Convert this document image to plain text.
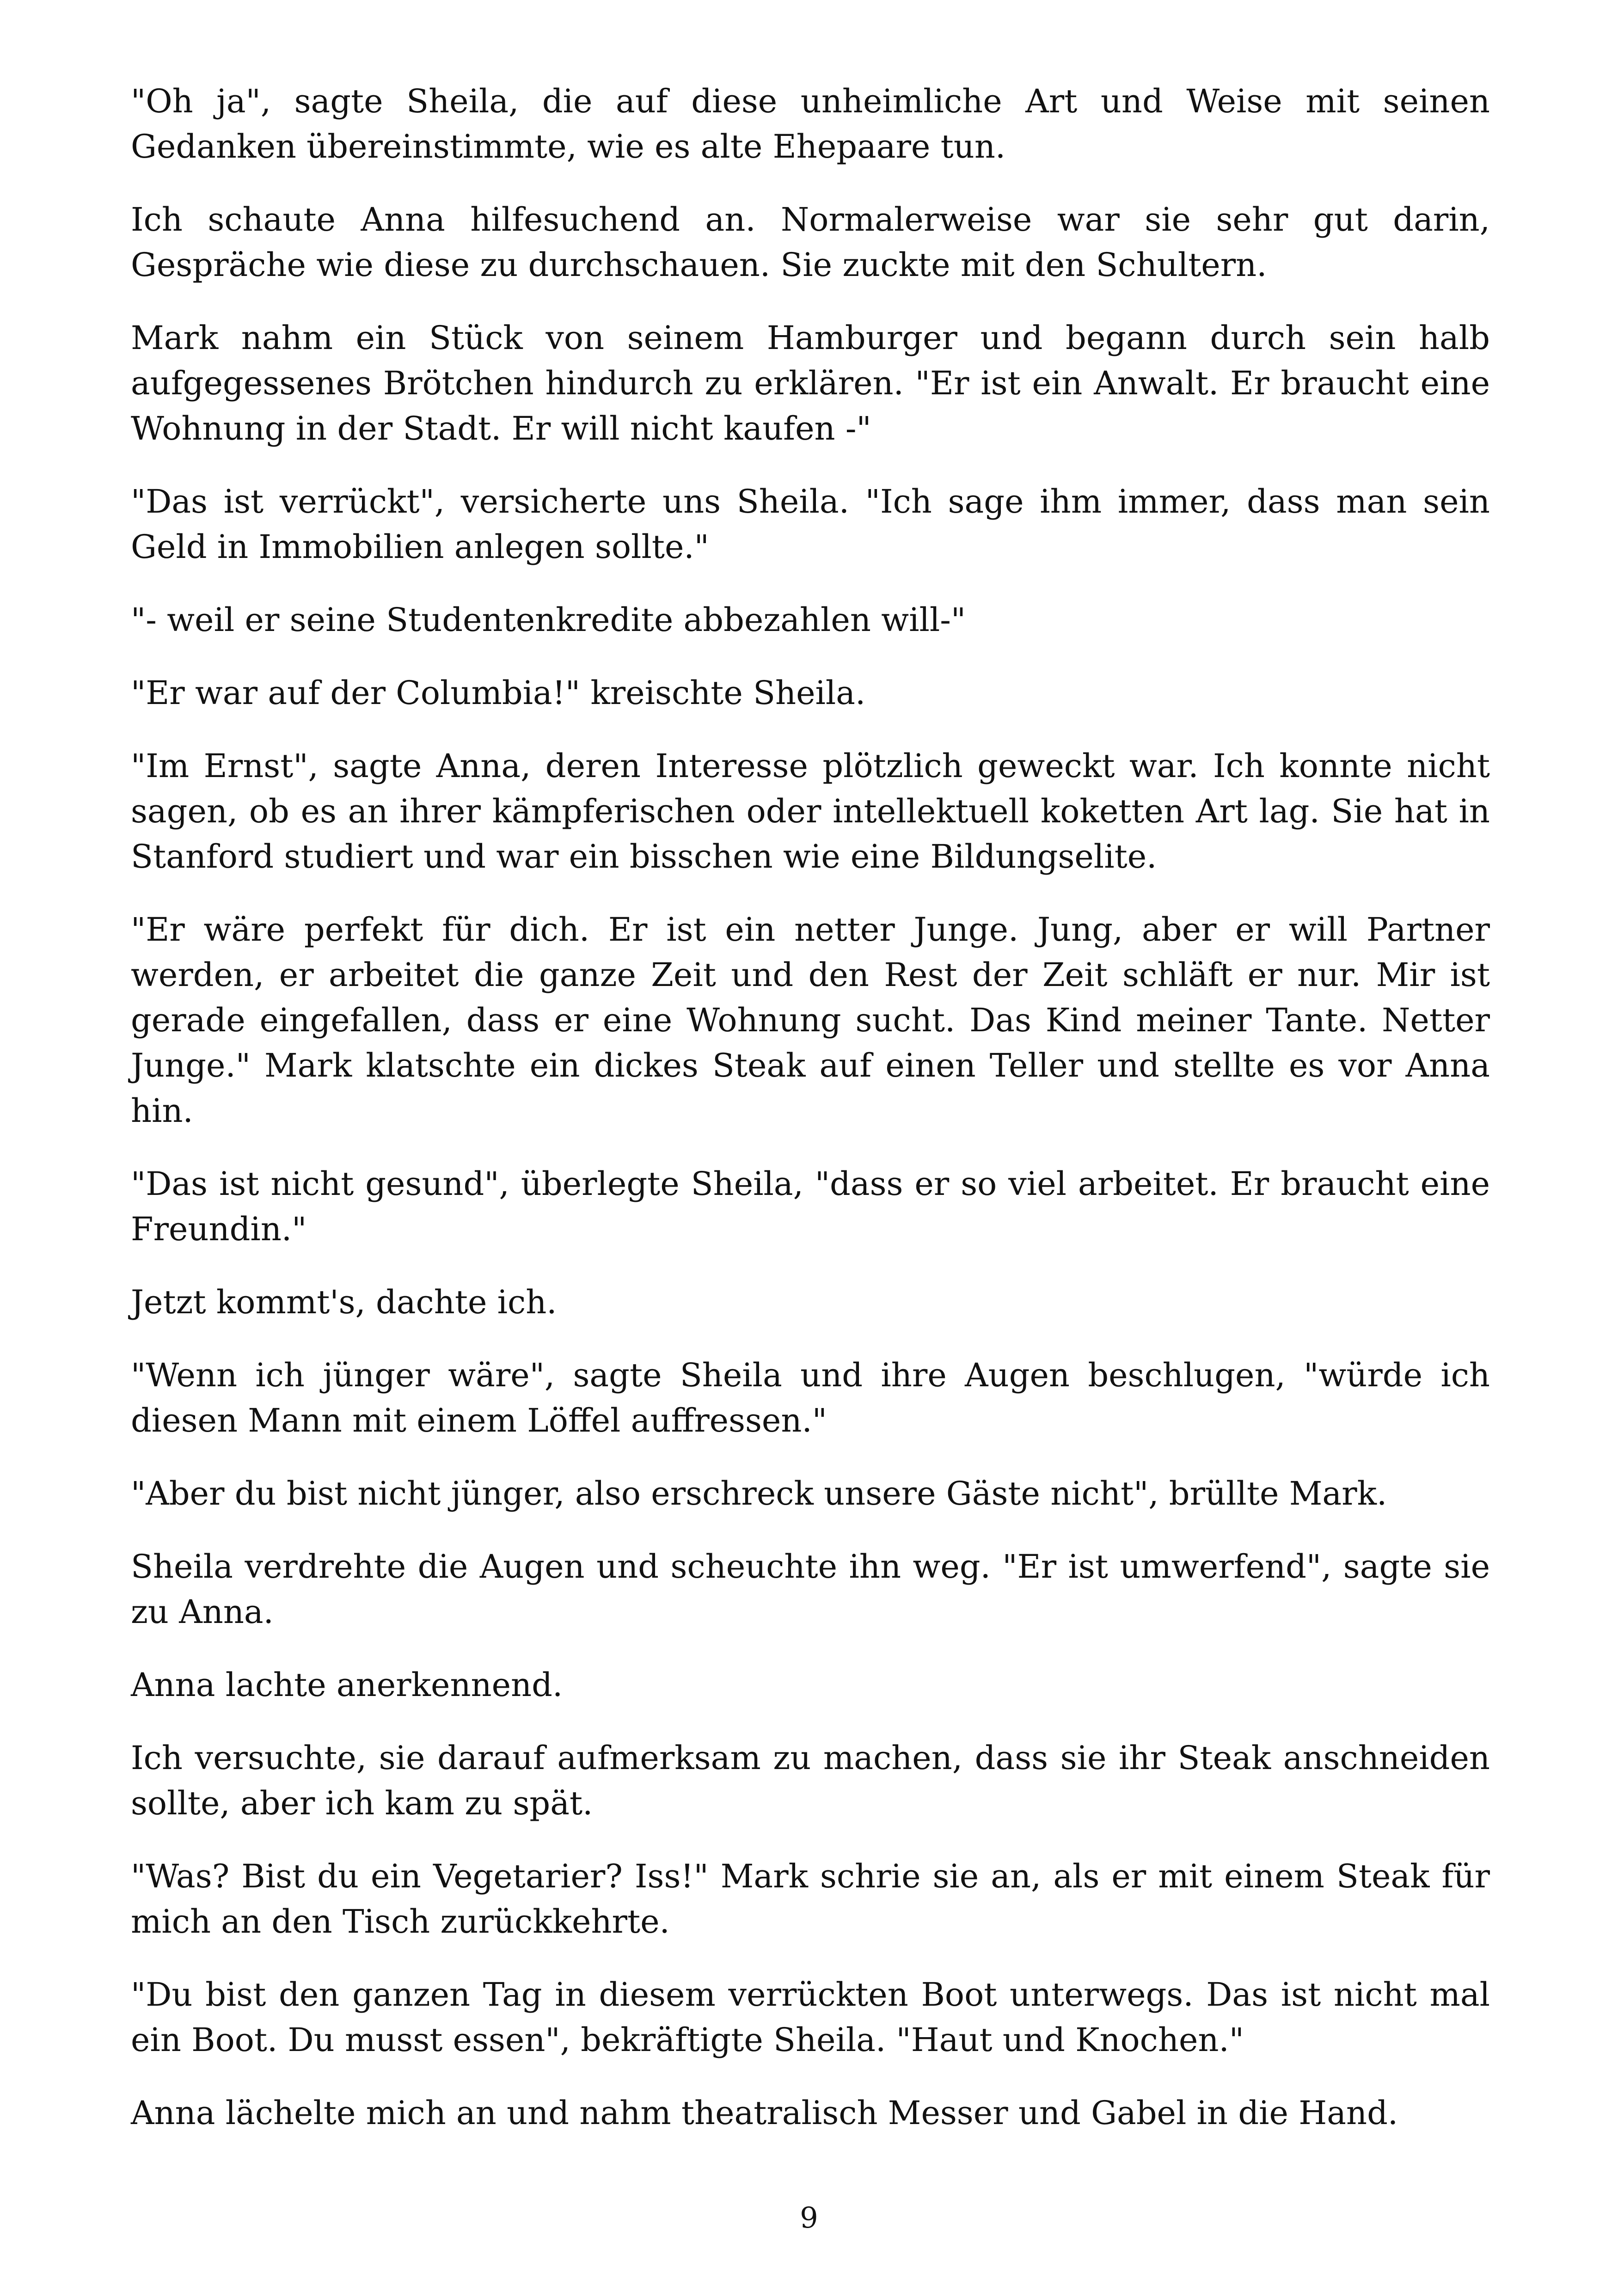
"Oh ja", sagte Sheila, die auf diese unheimliche Art und Weise mit seinen Gedanken übereinstimmte, wie es alte Ehepaare tun.

Ich schaute Anna hilfesuchend an. Normalerweise war sie sehr gut darin, Gespräche wie diese zu durchschauen. Sie zuckte mit den Schultern.

Mark nahm ein Stück von seinem Hamburger und begann durch sein halb aufgegessenes Brötchen hindurch zu erklären. "Er ist ein Anwalt. Er braucht eine Wohnung in der Stadt. Er will nicht kaufen -"

"Das ist verrückt", versicherte uns Sheila. "Ich sage ihm immer, dass man sein Geld in Immobilien anlegen sollte."

"- weil er seine Studentenkredite abbezahlen will-"

"Er war auf der Columbia!" kreischte Sheila.

"Im Ernst", sagte Anna, deren Interesse plötzlich geweckt war. Ich konnte nicht sagen, ob es an ihrer kämpferischen oder intellektuell koketten Art lag. Sie hat in Stanford studiert und war ein bisschen wie eine Bildungselite.

"Er wäre perfekt für dich. Er ist ein netter Junge. Jung, aber er will Partner werden, er arbeitet die ganze Zeit und den Rest der Zeit schläft er nur. Mir ist gerade eingefallen, dass er eine Wohnung sucht. Das Kind meiner Tante. Netter Junge." Mark klatschte ein dickes Steak auf einen Teller und stellte es vor Anna hin.

"Das ist nicht gesund", überlegte Sheila, "dass er so viel arbeitet. Er braucht eine Freundin."

Jetzt kommt's, dachte ich.

"Wenn ich jünger wäre", sagte Sheila und ihre Augen beschlugen, "würde ich diesen Mann mit einem Löffel auffressen."

"Aber du bist nicht jünger, also erschreck unsere Gäste nicht", brüllte Mark.

Sheila verdrehte die Augen und scheuchte ihn weg. "Er ist umwerfend", sagte sie zu Anna.

Anna lachte anerkennend.

Ich versuchte, sie darauf aufmerksam zu machen, dass sie ihr Steak anschneiden sollte, aber ich kam zu spät.

"Was? Bist du ein Vegetarier? Iss!" Mark schrie sie an, als er mit einem Steak für mich an den Tisch zurückkehrte.

"Du bist den ganzen Tag in diesem verrückten Boot unterwegs. Das ist nicht mal ein Boot. Du musst essen", bekräftigte Sheila. "Haut und Knochen."

Anna lächelte mich an und nahm theatralisch Messer und Gabel in die Hand.

9
